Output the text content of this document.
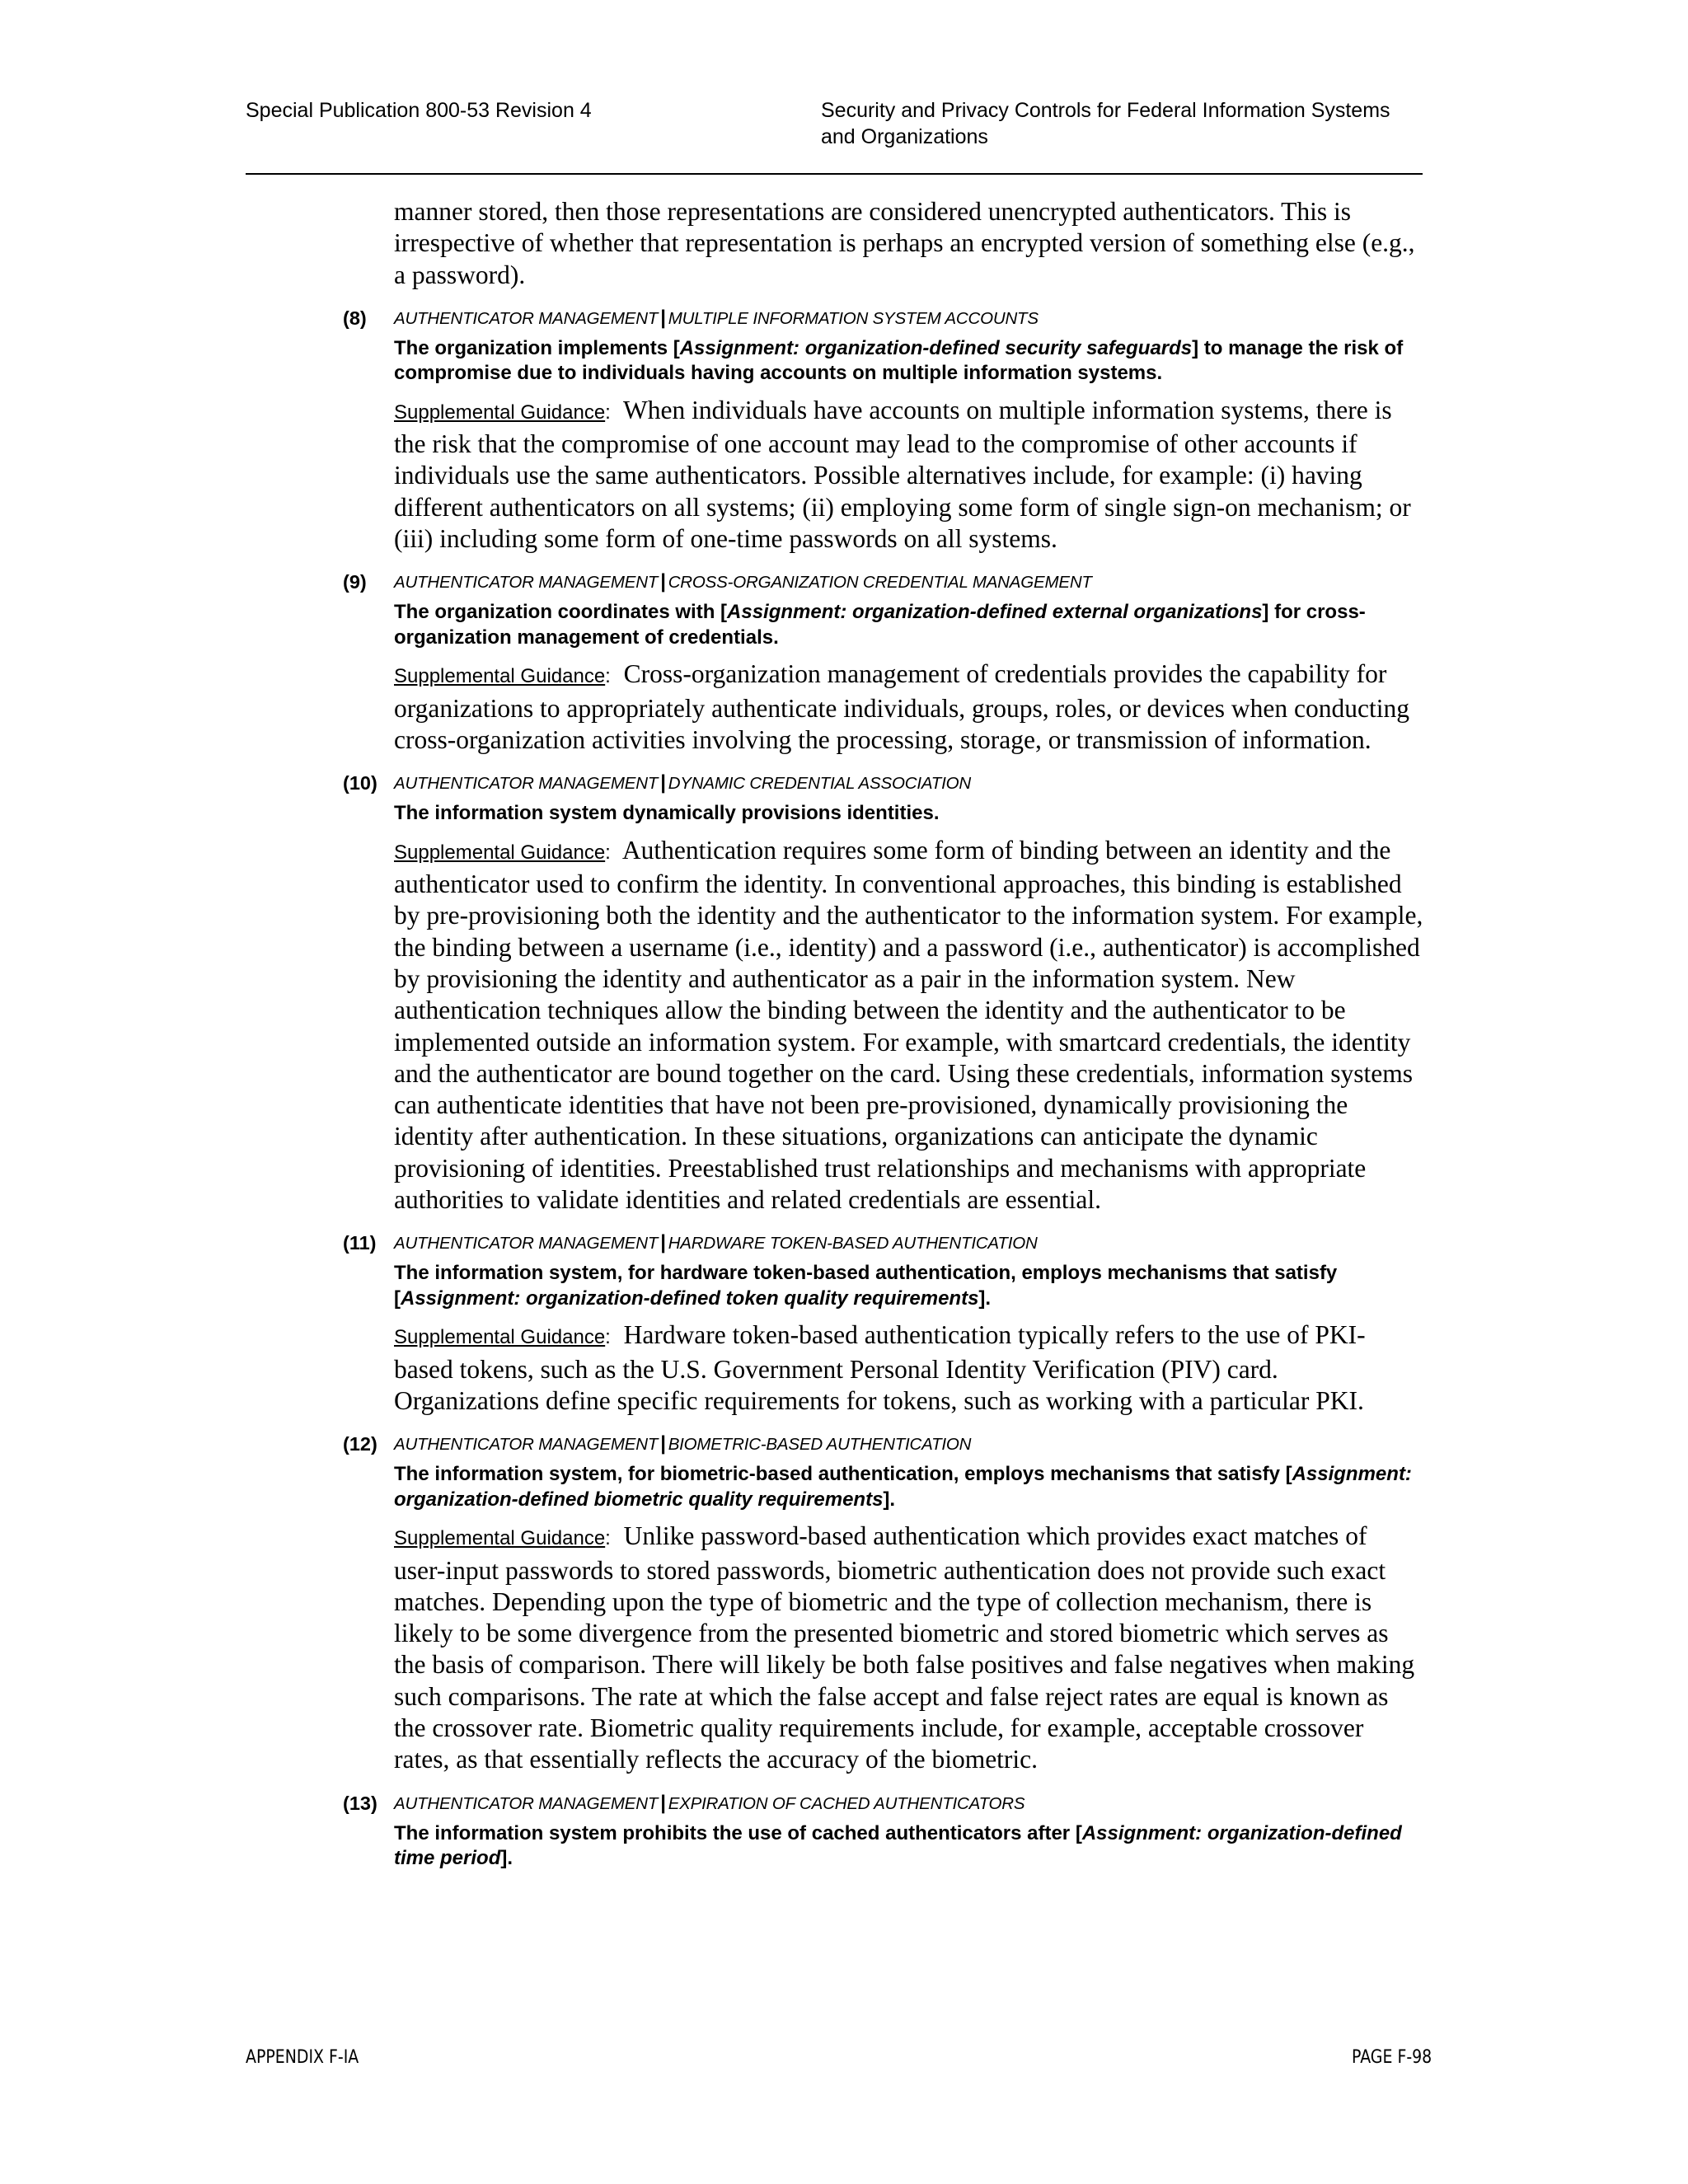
Special Publication 800-53 Revision 4	Security and Privacy Controls for Federal Information Systems
and Organizations
manner stored, then those representations are considered unencrypted authenticators. This is irrespective of whether that representation is perhaps an encrypted version of something else (e.g., a password).
(8) AUTHENTICATOR MANAGEMENT | MULTIPLE INFORMATION SYSTEM ACCOUNTS
The organization implements [Assignment: organization-defined security safeguards] to manage the risk of compromise due to individuals having accounts on multiple information systems.
Supplemental Guidance: When individuals have accounts on multiple information systems, there is the risk that the compromise of one account may lead to the compromise of other accounts if individuals use the same authenticators. Possible alternatives include, for example: (i) having different authenticators on all systems; (ii) employing some form of single sign-on mechanism; or (iii) including some form of one-time passwords on all systems.
(9) AUTHENTICATOR MANAGEMENT | CROSS-ORGANIZATION CREDENTIAL MANAGEMENT
The organization coordinates with [Assignment: organization-defined external organizations] for cross-organization management of credentials.
Supplemental Guidance: Cross-organization management of credentials provides the capability for organizations to appropriately authenticate individuals, groups, roles, or devices when conducting cross-organization activities involving the processing, storage, or transmission of information.
(10) AUTHENTICATOR MANAGEMENT | DYNAMIC CREDENTIAL ASSOCIATION
The information system dynamically provisions identities.
Supplemental Guidance: Authentication requires some form of binding between an identity and the authenticator used to confirm the identity. In conventional approaches, this binding is established by pre-provisioning both the identity and the authenticator to the information system. For example, the binding between a username (i.e., identity) and a password (i.e., authenticator) is accomplished by provisioning the identity and authenticator as a pair in the information system. New authentication techniques allow the binding between the identity and the authenticator to be implemented outside an information system. For example, with smartcard credentials, the identity and the authenticator are bound together on the card. Using these credentials, information systems can authenticate identities that have not been pre-provisioned, dynamically provisioning the identity after authentication. In these situations, organizations can anticipate the dynamic provisioning of identities. Preestablished trust relationships and mechanisms with appropriate authorities to validate identities and related credentials are essential.
(11) AUTHENTICATOR MANAGEMENT | HARDWARE TOKEN-BASED AUTHENTICATION
The information system, for hardware token-based authentication, employs mechanisms that satisfy [Assignment: organization-defined token quality requirements].
Supplemental Guidance: Hardware token-based authentication typically refers to the use of PKI-based tokens, such as the U.S. Government Personal Identity Verification (PIV) card. Organizations define specific requirements for tokens, such as working with a particular PKI.
(12) AUTHENTICATOR MANAGEMENT | BIOMETRIC-BASED AUTHENTICATION
The information system, for biometric-based authentication, employs mechanisms that satisfy [Assignment: organization-defined biometric quality requirements].
Supplemental Guidance: Unlike password-based authentication which provides exact matches of user-input passwords to stored passwords, biometric authentication does not provide such exact matches. Depending upon the type of biometric and the type of collection mechanism, there is likely to be some divergence from the presented biometric and stored biometric which serves as the basis of comparison. There will likely be both false positives and false negatives when making such comparisons. The rate at which the false accept and false reject rates are equal is known as the crossover rate. Biometric quality requirements include, for example, acceptable crossover rates, as that essentially reflects the accuracy of the biometric.
(13) AUTHENTICATOR MANAGEMENT | EXPIRATION OF CACHED AUTHENTICATORS
The information system prohibits the use of cached authenticators after [Assignment: organization-defined time period].
APPENDIX F-IA	PAGE F-98
